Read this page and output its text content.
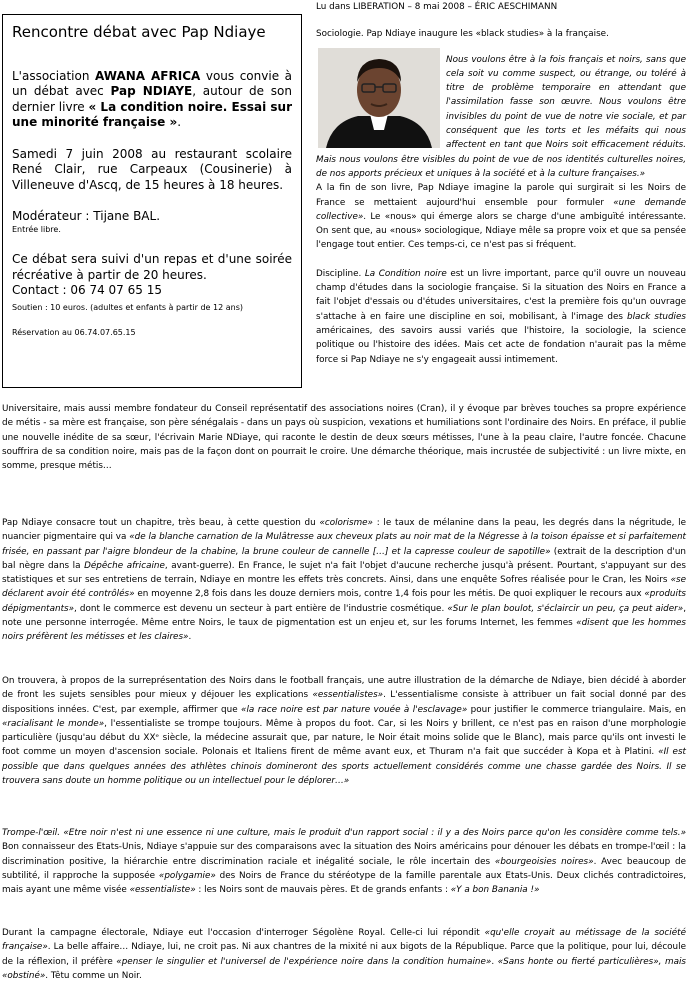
Rencontre débat avec Pap Ndiaye

L'association AWANA AFRICA vous convie à un débat avec Pap NDIAYE, autour de son dernier livre « La condition noire. Essai sur une minorité française ».

Samedi 7 juin 2008 au restaurant scolaire René Clair, rue Carpeaux (Cousinerie) à Villeneuve d'Ascq, de 15 heures à 18 heures.

Modérateur : Tijane BAL.

Entrée libre.

Ce débat sera suivi d'un repas et d'une soirée récréative à partir de 20 heures.

Contact : 06 74 07 65 15

Soutien : 10 euros. (adultes et enfants à partir de 12 ans)

Réservation au 06.74.07.65.15

Lu dans LIBERATION – 8 mai 2008 – ÉRIC AESCHIMANN

Sociologie. Pap Ndiaye inaugure les «black studies» à la française.

Nous voulons être à la fois français et noirs, sans que cela soit vu comme suspect, ou étrange, ou toléré à titre de problème temporaire en attendant que l'assimilation fasse son œuvre. Nous voulons être invisibles du point de vue de notre vie sociale, et par conséquent que les torts et les méfaits qui nous affectent en tant que Noirs soit efficacement réduits. Mais nous voulons être visibles du point de vue de nos identités culturelles noires, de nos apports précieux et uniques à la société et à la culture françaises.»

A la fin de son livre, Pap Ndiaye imagine la parole qui surgirait si les Noirs de France se mettaient aujourd'hui ensemble pour formuler «une demande collective». Le «nous» qui émerge alors se charge d'une ambiguïté intéressante. On sent que, au «nous» sociologique, Ndiaye mêle sa propre voix et que sa pensée l'engage tout entier. Ces temps-ci, ce n'est pas si fréquent.

Discipline. La Condition noire est un livre important, parce qu'il ouvre un nouveau champ d'études dans la sociologie française. Si la situation des Noirs en France a fait l'objet d'essais ou d'études universitaires, c'est la première fois qu'un ouvrage s'attache à en faire une discipline en soi, mobilisant, à l'image des black studies américaines, des savoirs aussi variés que l'histoire, la sociologie, la science politique ou l'histoire des idées. Mais cet acte de fondation n'aurait pas la même force si Pap Ndiaye ne s'y engageait aussi intimement.

Universitaire, mais aussi membre fondateur du Conseil représentatif des associations noires (Cran), il y évoque par brèves touches sa propre expérience de métis - sa mère est française, son père sénégalais - dans un pays où suspicion, vexations et humiliations sont l'ordinaire des Noirs. En préface, il publie une nouvelle inédite de sa sœur, l'écrivain Marie NDiaye, qui raconte le destin de deux sœurs métisses, l'une à la peau claire, l'autre foncée. Chacune souffrira de sa condition noire, mais pas de la façon dont on pourrait le croire. Une démarche théorique, mais incrustée de subjectivité : un livre mixte, en somme, presque métis…

Pap Ndiaye consacre tout un chapitre, très beau, à cette question du «colorisme» : le taux de mélanine dans la peau, les degrés dans la négritude, le nuancier pigmentaire qui va «de la blanche carnation de la Mulâtresse aux cheveux plats au noir mat de la Négresse à la toison épaisse et si parfaitement frisée, en passant par l'aigre blondeur de la chabine, la brune couleur de cannelle […] et la capresse couleur de sapotille» (extrait de la description d'un bal nègre dans la Dépêche africaine, avant-guerre). En France, le sujet n'a fait l'objet d'aucune recherche jusqu'à présent. Pourtant, s'appuyant sur des statistiques et sur ses entretiens de terrain, Ndiaye en montre les effets très concrets. Ainsi, dans une enquête Sofres réalisée pour le Cran, les Noirs «se déclarent avoir été contrôlés» en moyenne 2,8 fois dans les douze derniers mois, contre 1,4 fois pour les métis. De quoi expliquer le recours aux «produits dépigmentants», dont le commerce est devenu un secteur à part entière de l'industrie cosmétique. «Sur le plan boulot, s'éclaircir un peu, ça peut aider», note une personne interrogée. Même entre Noirs, le taux de pigmentation est un enjeu et, sur les forums Internet, les femmes «disent que les hommes noirs préfèrent les métisses et les claires».

On trouvera, à propos de la surreprésentation des Noirs dans le football français, une autre illustration de la démarche de Ndiaye, bien décidé à aborder de front les sujets sensibles pour mieux y déjouer les explications «essentialistes». L'essentialisme consiste à attribuer un fait social donné par des dispositions innées. C'est, par exemple, affirmer que «la race noire est par nature vouée à l'esclavage» pour justifier le commerce triangulaire. Mais, en «racialisant le monde», l'essentialiste se trompe toujours. Même à propos du foot. Car, si les Noirs y brillent, ce n'est pas en raison d'une morphologie particulière (jusqu'au début du XXᵉ siècle, la médecine assurait que, par nature, le Noir était moins solide que le Blanc), mais parce qu'ils ont investi le foot comme un moyen d'ascension sociale. Polonais et Italiens firent de même avant eux, et Thuram n'a fait que succéder à Kopa et à Platini. «Il est possible que dans quelques années des athlètes chinois domineront des sports actuellement considérés comme une chasse gardée des Noirs. Il se trouvera sans doute un homme politique ou un intellectuel pour le déplorer…»

Trompe-l'œil. «Etre noir n'est ni une essence ni une culture, mais le produit d'un rapport social : il y a des Noirs parce qu'on les considère comme tels.» Bon connaisseur des Etats-Unis, Ndiaye s'appuie sur des comparaisons avec la situation des Noirs américains pour dénouer les débats en trompe-l'œil : la discrimination positive, la hiérarchie entre discrimination raciale et inégalité sociale, le rôle incertain des «bourgeoisies noires». Avec beaucoup de subtilité, il rapproche la supposée «polygamie» des Noirs de France du stéréotype de la famille parentale aux Etats-Unis. Deux clichés contradictoires, mais ayant une même visée «essentialiste» : les Noirs sont de mauvais pères. Et de grands enfants : «Y a bon Banania !»

Durant la campagne électorale, Ndiaye eut l'occasion d'interroger Ségolène Royal. Celle-ci lui répondit «qu'elle croyait au métissage de la société française». La belle affaire… Ndiaye, lui, ne croit pas. Ni aux chantres de la mixité ni aux bigots de la République. Parce que la politique, pour lui, découle de la réflexion, il préfère «penser le singulier et l'universel de l'expérience noire dans la condition humaine». «Sans honte ou fierté particulières», mais «obstiné». Têtu comme un Noir.
